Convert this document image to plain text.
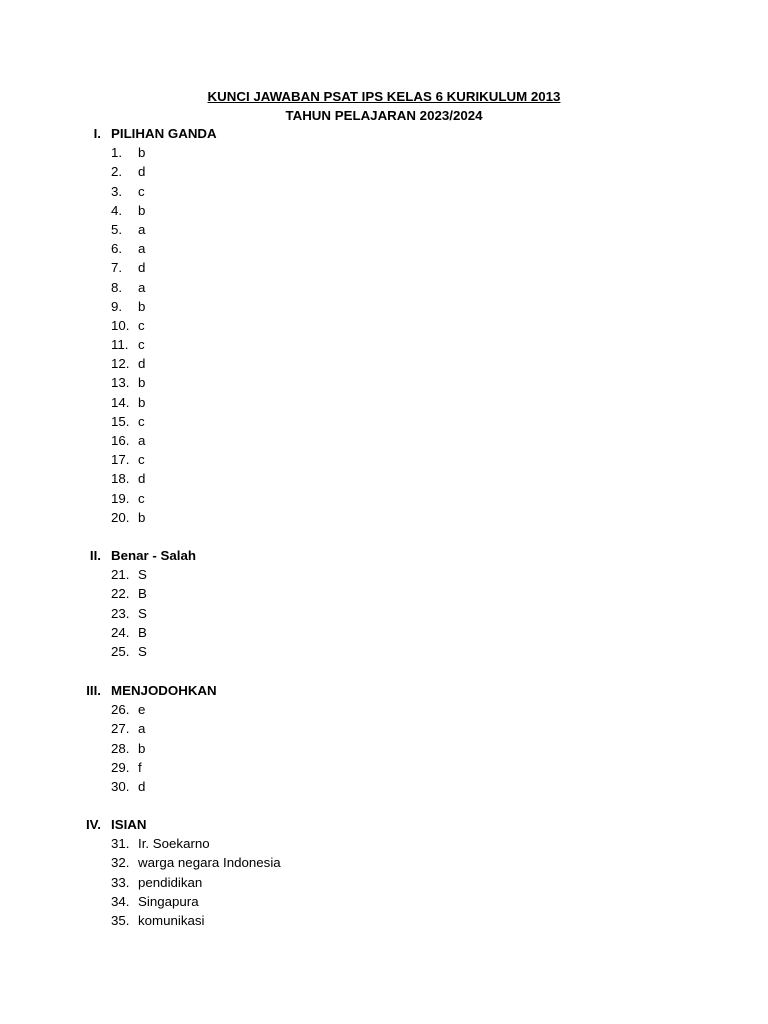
KUNCI JAWABAN PSAT IPS KELAS 6 KURIKULUM 2013
TAHUN PELAJARAN 2023/2024
I. PILIHAN GANDA
1. b
2. d
3. c
4. b
5. a
6. a
7. d
8. a
9. b
10. c
11. c
12. d
13. b
14. b
15. c
16. a
17. c
18. d
19. c
20. b
II. Benar - Salah
21. S
22. B
23. S
24. B
25. S
III. MENJODOHKAN
26. e
27. a
28. b
29. f
30. d
IV. ISIAN
31. Ir. Soekarno
32. warga negara Indonesia
33. pendidikan
34. Singapura
35. komunikasi
